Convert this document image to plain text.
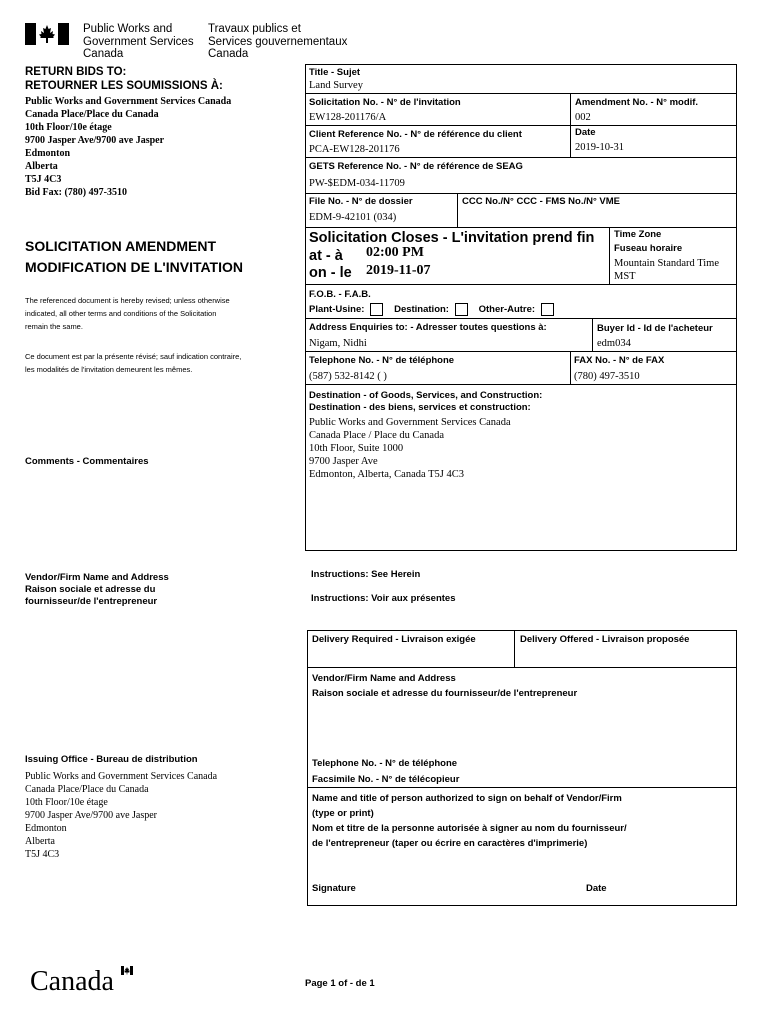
Public Works and
Government Services
Canada
Travaux publics et
Services gouvernementaux
Canada
RETURN BIDS TO:
RETOURNER LES SOUMISSIONS À:
Public Works and Government Services Canada
Canada Place/Place du Canada
10th Floor/10e étage
9700 Jasper Ave/9700 ave Jasper
Edmonton
Alberta
T5J 4C3
Bid Fax: (780) 497-3510
SOLICITATION AMENDMENT
MODIFICATION DE L'INVITATION
The referenced document is hereby revised; unless otherwise
indicated, all other terms and conditions of the Solicitation
remain the same.
Ce document est par la présente révisé; sauf indication contraire,
les modalités de l'invitation demeurent les mêmes.
Comments - Commentaires
Vendor/Firm Name and Address
Raison sociale et adresse du
fournisseur/de l'entrepreneur
Issuing Office - Bureau de distribution
Public Works and Government Services Canada
Canada Place/Place du Canada
10th Floor/10e étage
9700 Jasper Ave/9700 ave Jasper
Edmonton
Alberta
T5J 4C3
Title - Sujet
Land Survey
Solicitation No. - N° de l'invitation
EW128-201176/A
Amendment No. - N° modif.
002
Client Reference No. - N° de référence du client
PCA-EW128-201176
Date
2019-10-31
GETS Reference No. - N° de référence de SEAG
PW-$EDM-034-11709
File No. - N° de dossier
EDM-9-42101 (034)
CCC No./N° CCC - FMS No./N° VME
Solicitation Closes - L'invitation prend fin
at - à 02:00 PM
on - le 2019-11-07
Time Zone
Fuseau horaire
Mountain Standard Time
MST
F.O.B. - F.A.B.
Plant-Usine:	Destination:	Other-Autre:
Address Enquiries to: - Adresser toutes questions à:
Nigam, Nidhi
Buyer Id - Id de l'acheteur
edm034
Telephone No. - N° de téléphone
(587) 532-8142 ( )
FAX No. - N° de FAX
(780) 497-3510
Destination - of Goods, Services, and Construction:
Destination - des biens, services et construction:
Public Works and Government Services Canada
Canada Place / Place du Canada
10th Floor, Suite 1000
9700 Jasper Ave
Edmonton, Alberta, Canada T5J 4C3
Instructions: See Herein
Instructions: Voir aux présentes
Delivery Required - Livraison exigée	Delivery Offered - Livraison proposée
Vendor/Firm Name and Address
Raison sociale et adresse du fournisseur/de l'entrepreneur
Telephone No. - N° de téléphone
Facsimile No. - N° de télécopieur
Name and title of person authorized to sign on behalf of Vendor/Firm
(type or print)
Nom et titre de la personne autorisée à signer au nom du fournisseur/
de l'entrepreneur (taper ou écrire en caractères d'imprimerie)
Signature	Date
Canada	Page 1 of - de 1
